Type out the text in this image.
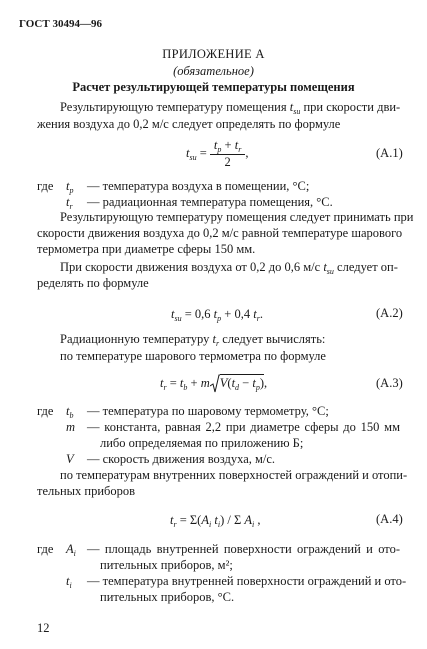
ГОСТ 30494—96
ПРИЛОЖЕНИЕ А
(обязательное)
Расчет результирующей температуры помещения
Результирующую температуру помещения $t_{su}$ при скорости дви-
жения воздуха до 0,2 м/с следует определять по формуле
$t_{su} = \frac{t_p + t_r}{2}$ ,	(А.1)
где $t_p$ — температура воздуха в помещении, °С;
$t_r$ — радиационная температура помещения, °С.
Результирующую температуру помещения следует принимать при
скорости движения воздуха до 0,2 м/с равной температуре шарового
термометра при диаметре сферы 150 мм.
При скорости движения воздуха от 0,2 до 0,6 м/с $t_{su}$ следует оп-
ределять по формуле
$t_{su} = 0,6$ $t_p + 0,4$ $t_r$.	(А.2)
Радиационную температуру $t_r$ следует вычислять:
по температуре шарового термометра по формуле
$t_r = t_b + m$ $V(t_d - t_p)$,	(А.3)
где $t_b$ — температура по шаровому термометру, °С;
m — константа, равная 2,2 при диаметре сферы до 150 мм
либо определяемая по приложению Б;
V — скорость движения воздуха, м/с.
по температурам внутренних поверхностей ограждений и отопи-
тельных приборов
$t_r = \Sigma(A_i$ $t_i$) / Σ $A_i$ ,	(А.4)
где $A_i$ — площадь внутренней поверхности ограждений и ото-
пительных приборов, м²;
$t_i$ — температура внутренней поверхности ограждений и ото-
пительных приборов, °С.
12
